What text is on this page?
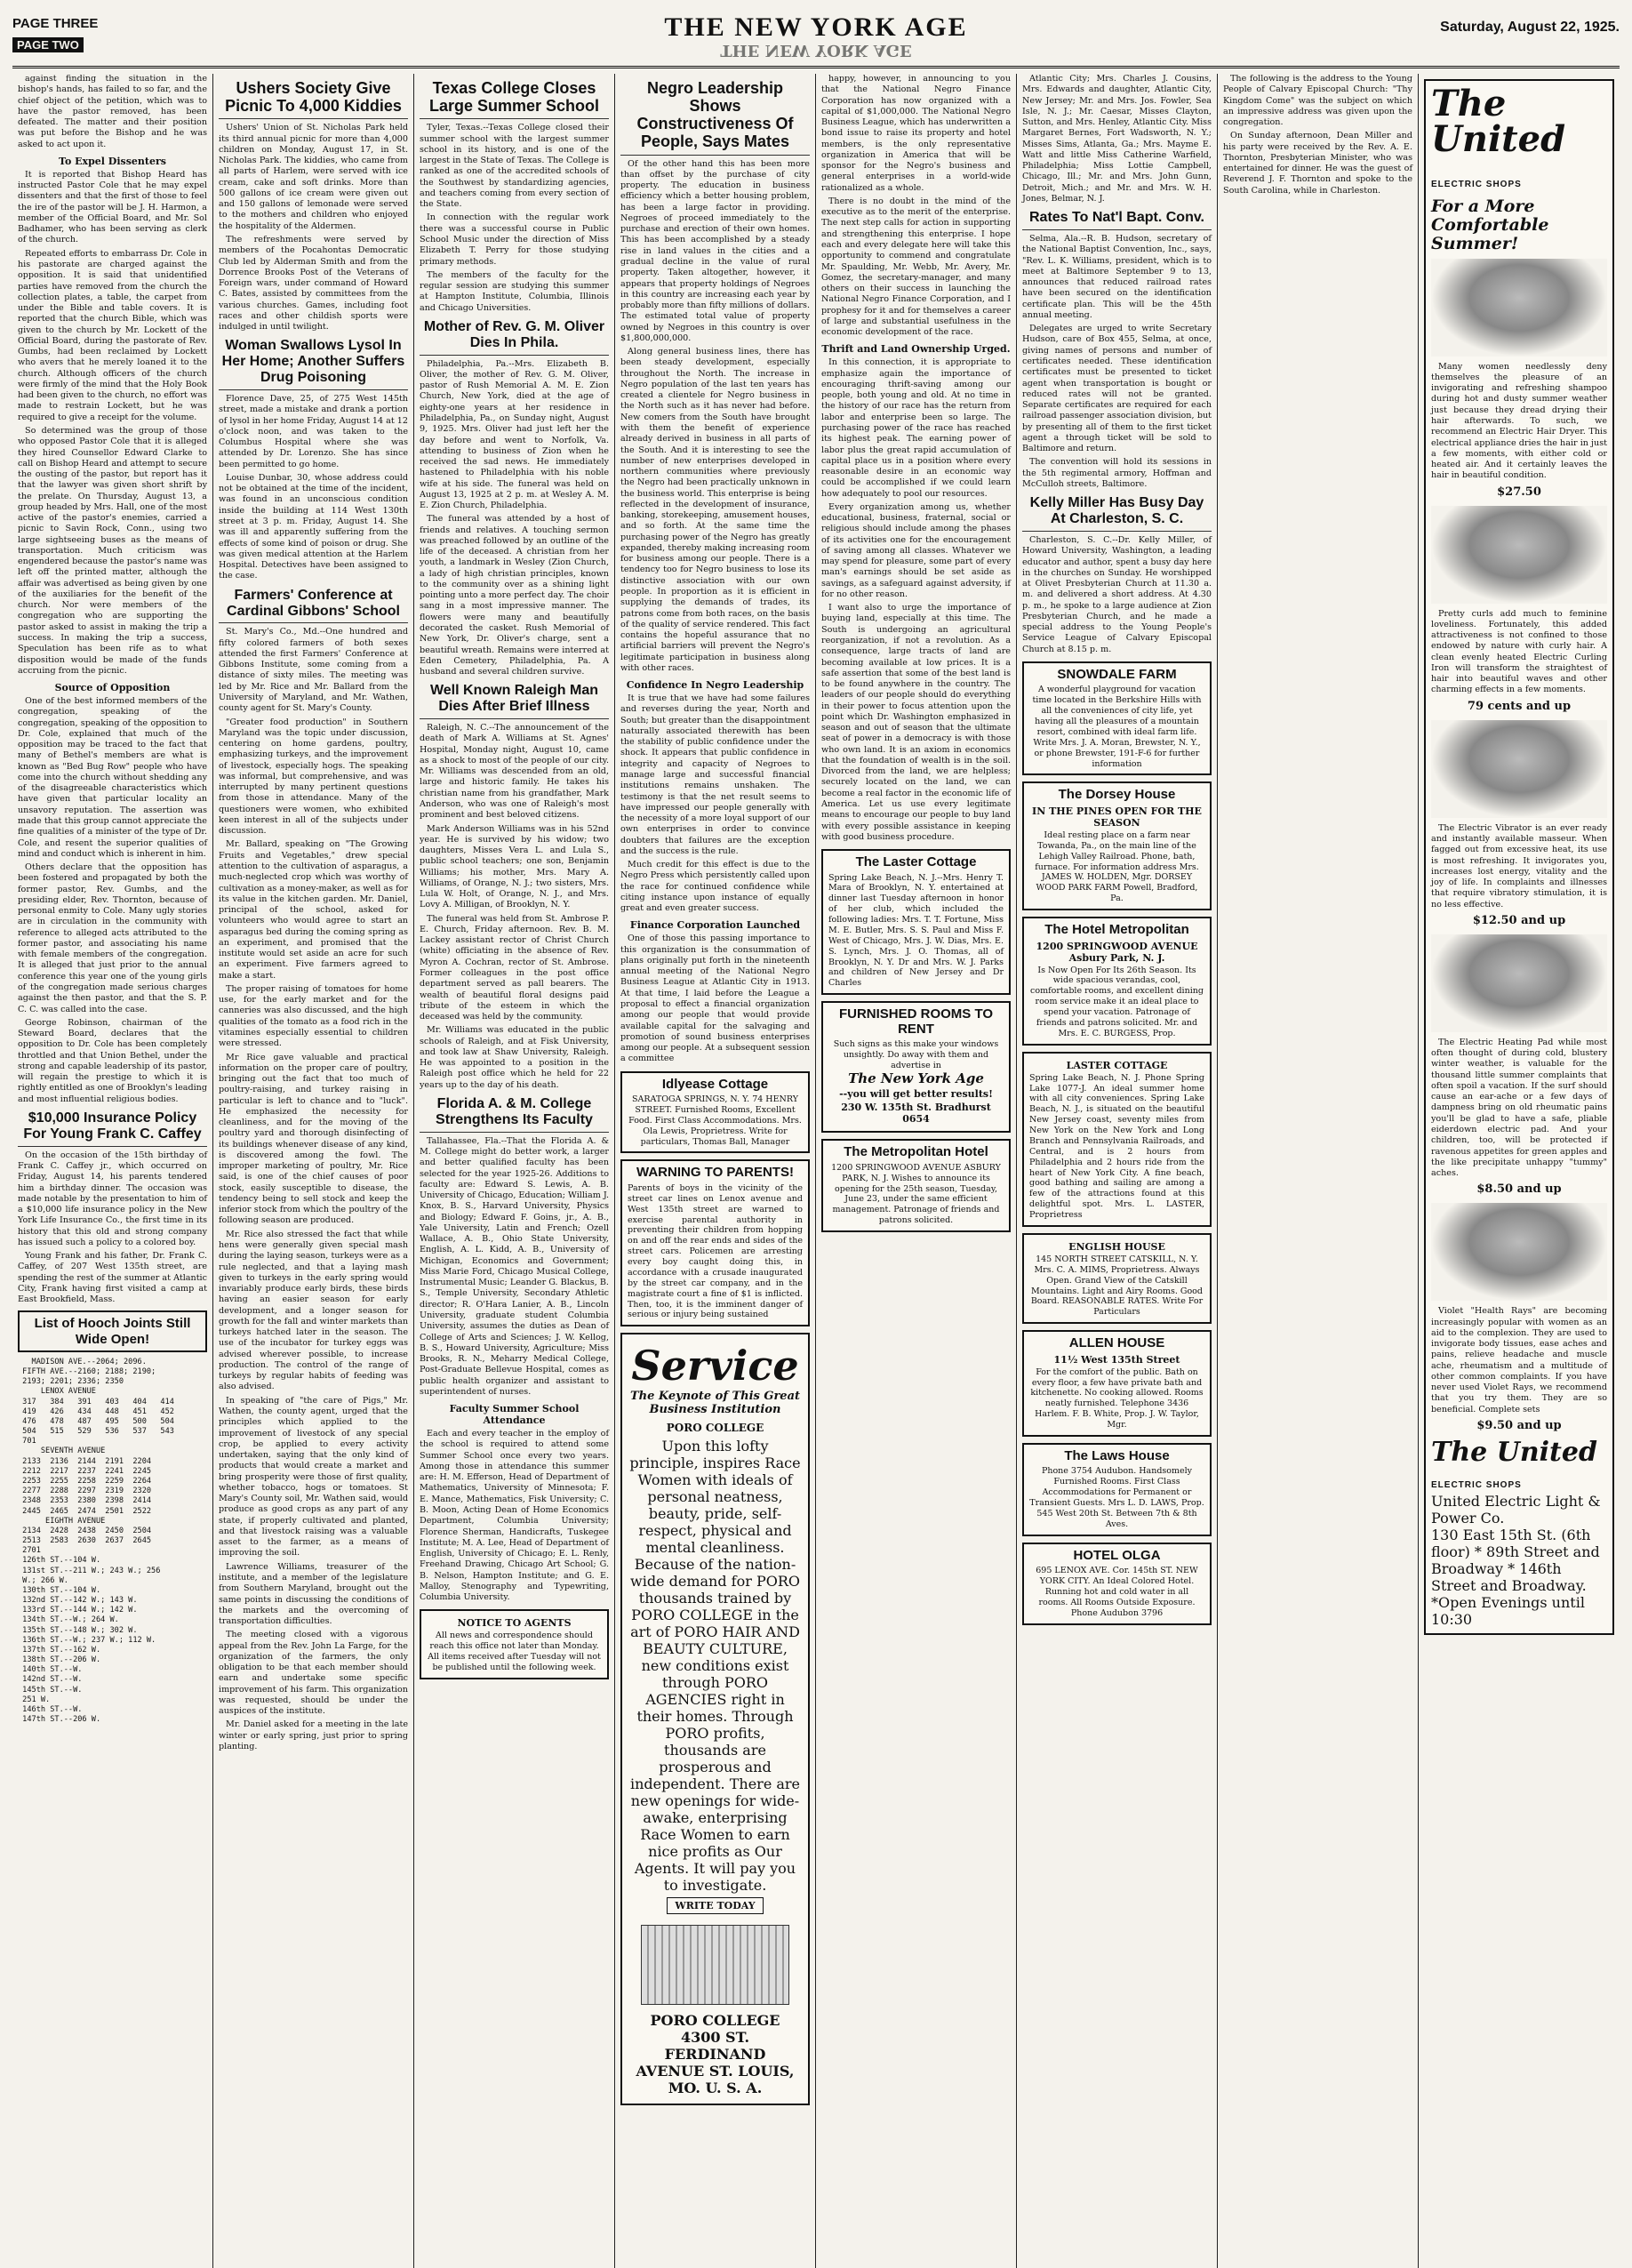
PAGE THREE
PAGE TWO
THE NEW YORK AGE
THE NEW YORK AGE
Saturday, August 22, 1925.

against finding the situation in the bishop's hands, has failed to so far, and the chief object of the petition, which was to have the pastor removed, has been defeated. The matter and their position was put before the Bishop and he was asked to act upon it.

To Expel Dissenters

It is reported that Bishop Heard has instructed Pastor Cole that he may expel dissenters and that the first of those to feel the ire of the pastor will be J. H. Harmon, a member of the Official Board, and Mr. Sol Badhamer, who has been serving as clerk of the church.

Repeated efforts to embarrass Dr. Cole in his pastorate are charged against the opposition. It is said that unidentified parties have removed from the church the collection plates, a table, the carpet from under the Bible and table covers. It is reported that the church Bible, which was given to the church by Mr. Lockett of the Official Board, during the pastorate of Rev. Gumbs, had been reclaimed by Lockett who avers that he merely loaned it to the church. Although officers of the church were firmly of the mind that the Holy Book had been given to the church, no effort was made to restrain Lockett, but he was required to give a receipt for the volume.

So determined was the group of those who opposed Pastor Cole that it is alleged they hired Counsellor Edward Clarke to call on Bishop Heard and attempt to secure the ousting of the pastor, but report has it that the lawyer was given short shrift by the prelate. On Thursday, August 13, a group headed by Mrs. Hall, one of the most active of the pastor's enemies, carried a picnic to Savin Rock, Conn., using two large sightseeing buses as the means of transportation. Much criticism was engendered because the pastor's name was left off the printed matter, although the affair was advertised as being given by one of the auxiliaries for the benefit of the church. Nor were members of the congregation who are supporting the pastor asked to assist in making the trip a success. In making the trip a success, Speculation has been rife as to what disposition would be made of the funds accruing from the picnic.

Source of Opposition

One of the best informed members of the congregation, speaking of the congregation, speaking of the opposition to Dr. Cole, explained that much of the opposition may be traced to the fact that many of Bethel's members are what is known as "Bed Bug Row" people who have come into the church without shedding any of the disagreeable characteristics which have given that particular locality an unsavory reputation. The assertion was made that this group cannot appreciate the fine qualities of a minister of the type of Dr. Cole, and resent the superior qualities of mind and conduct which is inherent in him.

Others declare that the opposition has been fostered and propagated by both the former pastor, Rev. Gumbs, and the presiding elder, Rev. Thornton, because of personal enmity to Cole. Many ugly stories are in circulation in the community with reference to alleged acts attributed to the former pastor, and associating his name with female members of the congregation. It is alleged that just prior to the annual conference this year one of the young girls of the congregation made serious charges against the then pastor, and that the S. P. C. C. was called into the case.

George Robinson, chairman of the Steward Board, declares that the opposition to Dr. Cole has been completely throttled and that Union Bethel, under the strong and capable leadership of its pastor, will regain the prestige to which it is rightly entitled as one of Brooklyn's leading and most influential religious bodies.

$10,000 Insurance Policy For Young Frank C. Caffey

On the occasion of the 15th birthday of Frank C. Caffey jr., which occurred on Friday, August 14, his parents tendered him a birthday dinner. The occasion was made notable by the presentation to him of a $10,000 life insurance policy in the New York Life Insurance Co., the first time in its history that this old and strong company has issued such a policy to a colored boy.

Young Frank and his father, Dr. Frank C. Caffey, of 207 West 135th street, are spending the rest of the summer at Atlantic City, Frank having first visited a camp at East Brookfield, Mass.

List of Hooch Joints Still Wide Open!
MADISON AVE.--2064; 2096.
FIFTH AVE.--2160; 2188; 2190;
2193; 2201; 2336; 2350
LENOX AVENUE
317   384   391   403   404   414
419   426   434   448   451   452
476   478   487   495   500   504
504   515   529   536   537   543
701
SEVENTH AVENUE
2133  2136  2144  2191  2204
2212  2217  2237  2241  2245
2253  2255  2258  2259  2264
2277  2288  2297  2319  2320
2348  2353  2380  2398  2414
2445  2465  2474  2501  2522
EIGHTH AVENUE
2134  2428  2438  2450  2504
2513  2583  2630  2637  2645
2701
126th ST.--104 W.
131st ST.--211 W.; 243 W.; 256
W.; 266 W.
130th ST.--104 W.
132nd ST.--142 W.; 143 W.
133rd ST.--144 W.; 142 W.
134th ST.--W.; 264 W.
135th ST.--148 W.; 302 W.
136th ST.--W.; 237 W.; 112 W.
137th ST.--162 W.
138th ST.--206 W.
140th ST.--W.
142nd ST.--W.
145th ST.--W.
251 W.
146th ST.--W.
147th ST.--206 W.
Ushers Society Give Picnic To 4,000 Kiddies

Ushers' Union of St. Nicholas Park held its third annual picnic for more than 4,000 children on Monday, August 17, in St. Nicholas Park. The kiddies, who came from all parts of Harlem, were served with ice cream, cake and soft drinks. More than 500 gallons of ice cream were given out and 150 gallons of lemonade were served to the mothers and children who enjoyed the hospitality of the Aldermen.

The refreshments were served by members of the Pocahontas Democratic Club led by Alderman Smith and from the Dorrence Brooks Post of the Veterans of Foreign wars, under command of Howard C. Bates, assisted by committees from the various churches. Games, including foot races and other childish sports were indulged in until twilight.

Woman Swallows Lysol In Her Home; Another Suffers Drug Poisoning

Florence Dave, 25, of 275 West 145th street, made a mistake and drank a portion of lysol in her home Friday, August 14 at 12 o'clock noon, and was taken to the Columbus Hospital where she was attended by Dr. Lorenzo. She has since been permitted to go home.

Louise Dunbar, 30, whose address could not be obtained at the time of the incident, was found in an unconscious condition inside the building at 114 West 130th street at 3 p. m. Friday, August 14. She was ill and apparently suffering from the effects of some kind of poison or drug. She was given medical attention at the Harlem Hospital. Detectives have been assigned to the case.

Farmers' Conference at Cardinal Gibbons' School

St. Mary's Co., Md.--One hundred and fifty colored farmers of both sexes attended the first Farmers' Conference at Gibbons Institute, some coming from a distance of sixty miles. The meeting was led by Mr. Rice and Mr. Ballard from the University of Maryland, and Mr. Wathen, county agent for St. Mary's County.

"Greater food production" in Southern Maryland was the topic under discussion, centering on home gardens, poultry, emphasizing turkeys, and the improvement of livestock, especially hogs. The speaking was informal, but comprehensive, and was interrupted by many pertinent questions from those in attendance. Many of the questioners were women, who exhibited keen interest in all of the subjects under discussion.

Mr. Ballard, speaking on "The Growing Fruits and Vegetables," drew special attention to the cultivation of asparagus, a much-neglected crop which was worthy of cultivation as a money-maker, as well as for its value in the kitchen garden. Mr. Daniel, principal of the school, asked for volunteers who would agree to start an asparagus bed during the coming spring as an experiment, and promised that the institute would set aside an acre for such an experiment. Five farmers agreed to make a start.

The proper raising of tomatoes for home use, for the early market and for the canneries was also discussed, and the high qualities of the tomato as a food rich in the vitamines especially essential to children were stressed.

Mr Rice gave valuable and practical information on the proper care of poultry, bringing out the fact that too much of poultry-raising, and turkey raising in particular is left to chance and to "luck". He emphasized the necessity for cleanliness, and for the moving of the poultry yard and thorough disinfecting of its buildings whenever disease of any kind, is discovered among the fowl. The improper marketing of poultry, Mr. Rice said, is one of the chief causes of poor stock, easily susceptible to disease, the tendency being to sell stock and keep the inferior stock from which the poultry of the following season are produced.

Mr. Rice also stressed the fact that while hens were generally given special mash during the laying season, turkeys were as a rule neglected, and that a laying mash given to turkeys in the early spring would invariably produce early birds, these birds having an easier season for early development, and a longer season for growth for the fall and winter markets than turkeys hatched later in the season. The use of the incubator for turkey eggs was advised wherever possible, to increase production. The control of the range of turkeys by regular habits of feeding was also advised.

In speaking of "the care of Pigs," Mr. Wathen, the county agent, urged that the principles which applied to the improvement of livestock of any special crop, be applied to every activity undertaken, saying that the only kind of products that would create a market and bring prosperity were those of first quality, whether tobacco, hogs or tomatoes. St Mary's County soil, Mr. Wathen said, would produce as good crops as any part of any state, if properly cultivated and planted, and that livestock raising was a valuable asset to the farmer, as a means of improving the soil.

Lawrence Williams, treasurer of the institute, and a member of the legislature from Southern Maryland, brought out the same points in discussing the conditions of the markets and the overcoming of transportation difficulties.

The meeting closed with a vigorous appeal from the Rev. John La Farge, for the organization of the farmers, the only obligation to be that each member should earn and undertake some specific improvement of his farm. This organization was requested, should be under the auspices of the institute.

Mr. Daniel asked for a meeting in the late winter or early spring, just prior to spring planting.

Texas College Closes Large Summer School

Tyler, Texas.--Texas College closed their summer school with the largest summer school in its history, and is one of the largest in the State of Texas. The College is ranked as one of the accredited schools of the Southwest by standardizing agencies, and teachers coming from every section of the State.

In connection with the regular work there was a successful course in Public School Music under the direction of Miss Elizabeth T. Perry for those studying primary methods.

The members of the faculty for the regular session are studying this summer at Hampton Institute, Columbia, Illinois and Chicago Universities.

Mother of Rev. G. M. Oliver Dies In Phila.

Philadelphia, Pa.--Mrs. Elizabeth B. Oliver, the mother of Rev. G. M. Oliver, pastor of Rush Memorial A. M. E. Zion Church, New York, died at the age of eighty-one years at her residence in Philadelphia, Pa., on Sunday night, August 9, 1925. Mrs. Oliver had just left her the day before and went to Norfolk, Va. attending to business of Zion when he received the sad news. He immediately hastened to Philadelphia with his noble wife at his side. The funeral was held on August 13, 1925 at 2 p. m. at Wesley A. M. E. Zion Church, Philadelphia.

The funeral was attended by a host of friends and relatives. A touching sermon was preached followed by an outline of the life of the deceased. A christian from her youth, a landmark in Wesley (Zion Church, a lady of high christian principles, known to the community over as a shining light pointing unto a more perfect day. The choir sang in a most impressive manner. The flowers were many and beautifully decorated the casket. Rush Memorial of New York, Dr. Oliver's charge, sent a beautiful wreath. Remains were interred at Eden Cemetery, Philadelphia, Pa. A husband and several children survive.

Well Known Raleigh Man Dies After Brief Illness

Raleigh, N. C.--The announcement of the death of Mark A. Williams at St. Agnes' Hospital, Monday night, August 10, came as a shock to most of the people of our city. Mr. Williams was descended from an old, large and historic family. He takes his christian name from his grandfather, Mark Anderson, who was one of Raleigh's most prominent and best beloved citizens.

Mark Anderson Williams was in his 52nd year. He is survived by his widow; two daughters, Misses Vera L. and Lula S., public school teachers; one son, Benjamin Williams; his mother, Mrs. Mary A. Williams, of Orange, N. J.; two sisters, Mrs. Lula W. Holt, of Orange, N. J., and Mrs. Lovy A. Milligan, of Brooklyn, N. Y.

The funeral was held from St. Ambrose P. E. Church, Friday afternoon. Rev. B. M. Lackey assistant rector of Christ Church (white) officiating in the absence of Rev. Myron A. Cochran, rector of St. Ambrose. Former colleagues in the post office department served as pall bearers. The wealth of beautiful floral designs paid tribute of the esteem in which the deceased was held by the community.

Mr. Williams was educated in the public schools of Raleigh, and at Fisk University, and took law at Shaw University, Raleigh. He was appointed to a position in the Raleigh post office which he held for 22 years up to the day of his death.

Florida A. & M. College Strengthens Its Faculty

Tallahassee, Fla.--That the Florida A. & M. College might do better work, a larger and better qualified faculty has been selected for the year 1925-26. Additions to faculty are: Edward S. Lewis, A. B. University of Chicago, Education; William J. Knox, B. S., Harvard University, Physics and Biology; Edward F. Goins, jr., A. B., Yale University, Latin and French; Ozell Wallace, A. B., Ohio State University, English, A. L. Kidd, A. B., University of Michigan, Economics and Government; Miss Marie Ford, Chicago Musical College, Instrumental Music; Leander G. Blackus, B. S., Temple University, Secondary Athletic director; R. O'Hara Lanier, A. B., Lincoln University, graduate student Columbia University, assumes the duties as Dean of College of Arts and Sciences; J. W. Kellog, B. S., Howard University, Agriculture; Miss Brooks, R. N., Meharry Medical College, Post-Graduate Bellevue Hospital, comes as public health organizer and assistant to superintendent of nurses.

Faculty Summer School Attendance

Each and every teacher in the employ of the school is required to attend some Summer School once every two years. Among those in attendance this summer are: H. M. Efferson, Head of Department of Mathematics, University of Minnesota; F. E. Mance, Mathematics, Fisk University; C. B. Moon, Acting Dean of Home Economics Department, Columbia University; Florence Sherman, Handicrafts, Tuskegee Institute; M. A. Lee, Head of Department of English, University of Chicago; E. L. Renly, Freehand Drawing, Chicago Art School; G. B. Nelson, Hampton Institute; and G. E. Malloy, Stenography and Typewriting, Columbia University.

NOTICE TO AGENTS
All news and correspondence should reach this office not later than Monday. All items received after Tuesday will not be published until the following week.
Negro Leadership Shows Constructiveness Of People, Says Mates

Of the other hand this has been more than offset by the purchase of city property. The education in business efficiency which a better housing problem, has been a large factor in providing. Negroes of proceed immediately to the purchase and erection of their own homes. This has been accomplished by a steady rise in land values in the cities and a gradual decline in the value of rural property. Taken altogether, however, it appears that property holdings of Negroes in this country are increasing each year by probably more than fifty millions of dollars. The estimated total value of property owned by Negroes in this country is over $1,800,000,000.

Along general business lines, there has been steady development, especially throughout the North. The increase in Negro population of the last ten years has created a clientele for Negro business in the North such as it has never had before. New comers from the South have brought with them the benefit of experience already derived in business in all parts of the South. And it is interesting to see the number of new enterprises developed in northern communities where previously the Negro had been practically unknown in the business world. This enterprise is being reflected in the development of insurance, banking, storekeeping, amusement houses, and so forth. At the same time the purchasing power of the Negro has greatly expanded, thereby making increasing room for business among our people. There is a tendency too for Negro business to lose its distinctive association with our own people. In proportion as it is efficient in supplying the demands of trades, its patrons come from both races, on the basis of the quality of service rendered. This fact contains the hopeful assurance that no artificial barriers will prevent the Negro's legitimate participation in business along with other races.

Confidence In Negro Leadership

It is true that we have had some failures and reverses during the year, North and South; but greater than the disappointment naturally associated therewith has been the stability of public confidence under the shock. It appears that public confidence in integrity and capacity of Negroes to manage large and successful financial institutions remains unshaken. The testimony is that the net result seems to have impressed our people generally with the necessity of a more loyal support of our own enterprises in order to convince doubters that failures are the exception and the success is the rule.

Much credit for this effect is due to the Negro Press which persistently called upon the race for continued confidence while citing instance upon instance of equally great and even greater success.

Finance Corporation Launched

One of those this passing importance to this organization is the consummation of plans originally put forth in the nineteenth annual meeting of the National Negro Business League at Atlantic City in 1913. At that time, I laid before the League a proposal to effect a financial organization among our people that would provide available capital for the salvaging and promotion of sound business enterprises among our people. At a subsequent session a committee

Idlyease Cottage
SARATOGA SPRINGS, N. Y. 74 HENRY STREET. Furnished Rooms, Excellent Food. First Class Accommodations. Mrs. Ola Lewis, Proprietress. Write for particulars, Thomas Ball, Manager
WARNING TO PARENTS!
Parents of boys in the vicinity of the street car lines on Lenox avenue and West 135th street are warned to exercise parental authority in preventing their children from hopping on and off the rear ends and sides of the street cars. Policemen are arresting every boy caught doing this, in accordance with a crusade inaugurated by the street car company, and in the magistrate court a fine of $1 is inflicted. Then, too, it is the imminent danger of serious or injury being sustained
Service
The Keynote of This Great Business Institution
PORO COLLEGE
Upon this lofty principle, inspires Race Women with ideals of personal neatness, beauty, pride, self-respect, physical and mental cleanliness. Because of the nation-wide demand for PORO thousands trained by PORO COLLEGE in the art of PORO HAIR AND BEAUTY CULTURE, new conditions exist through PORO AGENCIES right in their homes. Through PORO profits, thousands are prosperous and independent. There are new openings for wide-awake, enterprising Race Women to earn nice profits as Our Agents. It will pay you to investigate.
WRITE TODAY
PORO COLLEGE 4300 ST. FERDINAND AVENUE ST. LOUIS, MO. U. S. A.

happy, however, in announcing to you that the National Negro Finance Corporation has now organized with a capital of $1,000,000. The National Negro Business League, which has underwritten a bond issue to raise its property and hotel members, is the only representative organization in America that will be sponsor for the Negro's business and general enterprises in a world-wide rationalized as a whole.

There is no doubt in the mind of the executive as to the merit of the enterprise. The next step calls for action in supporting and strengthening this enterprise. I hope each and every delegate here will take this opportunity to commend and congratulate Mr. Spaulding, Mr. Webb, Mr. Avery, Mr. Gomez, the secretary-manager, and many others on their success in launching the National Negro Finance Corporation, and I prophesy for it and for themselves a career of large and substantial usefulness in the economic development of the race.

Thrift and Land Ownership Urged.

In this connection, it is appropriate to emphasize again the importance of encouraging thrift-saving among our people, both young and old. At no time in the history of our race has the return from labor and enterprise been so large. The purchasing power of the race has reached its highest peak. The earning power of labor plus the great rapid accumulation of capital place us in a position where every reasonable desire in an economic way could be accomplished if we could learn how adequately to pool our resources.

Every organization among us, whether educational, business, fraternal, social or religious should include among the phases of its activities one for the encouragement of saving among all classes. Whatever we may spend for pleasure, some part of every man's earnings should be set aside as savings, as a safeguard against adversity, if for no other reason.

I want also to urge the importance of buying land, especially at this time. The South is undergoing an agricultural reorganization, if not a revolution. As a consequence, large tracts of land are becoming available at low prices. It is a safe assertion that some of the best land is to be found anywhere in the country. The leaders of our people should do everything in their power to focus attention upon the point which Dr. Washington emphasized in season and out of season that the ultimate seat of power in a democracy is with those who own land. It is an axiom in economics that the foundation of wealth is in the soil. Divorced from the land, we are helpless; securely located on the land, we can become a real factor in the economic life of America. Let us use every legitimate means to encourage our people to buy land with every possible assistance in keeping with good business procedure.

The Laster Cottage
Spring Lake Beach, N. J.--Mrs. Henry T. Mara of Brooklyn, N. Y. entertained at dinner last Tuesday afternoon in honor of her club, which included the following ladies: Mrs. T. T. Fortune, Miss M. E. Butler, Mrs. S. S. Paul and Miss F. West of Chicago, Mrs. J. W. Dias, Mrs. E. S. Lynch, Mrs. J. O. Thomas, all of Brooklyn, N. Y. Dr and Mrs. W. J. Parks and children of New Jersey and Dr Charles
FURNISHED ROOMS TO RENT
Such signs as this make your windows unsightly. Do away with them and advertise in
The New York Age
--you will get better results!
230 W. 135th St. Bradhurst 0654
The Metropolitan Hotel
1200 SPRINGWOOD AVENUE ASBURY PARK, N. J. Wishes to announce its opening for the 25th season, Tuesday, June 23, under the same efficient management. Patronage of friends and patrons solicited.

Atlantic City; Mrs. Charles J. Cousins, Mrs. Edwards and daughter, Atlantic City, New Jersey; Mr. and Mrs. Jos. Fowler, Sea Isle, N. J.; Mr. Caesar, Misses Clayton, Sutton, and Mrs. Henley, Atlantic City. Miss Margaret Bernes, Fort Wadsworth, N. Y.; Misses Sims, Atlanta, Ga.; Mrs. Mayme E. Watt and little Miss Catherine Warfield, Philadelphia; Miss Lottie Campbell, Chicago, Ill.; Mr. and Mrs. John Gunn, Detroit, Mich.; and Mr. and Mrs. W. H. Jones, Belmar, N. J.

Rates To Nat'l Bapt. Conv.

Selma, Ala.--R. B. Hudson, secretary of the National Baptist Convention, Inc., says, "Rev. L. K. Williams, president, which is to meet at Baltimore September 9 to 13, announces that reduced railroad rates have been secured on the identification certificate plan. This will be the 45th annual meeting.

Delegates are urged to write Secretary Hudson, care of Box 455, Selma, at once, giving names of persons and number of certificates needed. These identification certificates must be presented to ticket agent when transportation is bought or reduced rates will not be granted. Separate certificates are required for each railroad passenger association division, but by presenting all of them to the first ticket agent a through ticket will be sold to Baltimore and return.

The convention will hold its sessions in the 5th regimental armory, Hoffman and McCulloh streets, Baltimore.

Kelly Miller Has Busy Day At Charleston, S. C.

Charleston, S. C.--Dr. Kelly Miller, of Howard University, Washington, a leading educator and author, spent a busy day here in the churches on Sunday. He worshipped at Olivet Presbyterian Church at 11.30 a. m. and delivered a short address. At 4.30 p. m., he spoke to a large audience at Zion Presbyterian Church, and he made a special address to the Young People's Service League of Calvary Episcopal Church at 8.15 p. m.

SNOWDALE FARM
A wonderful playground for vacation time located in the Berkshire Hills with all the conveniences of city life, yet having all the pleasures of a mountain resort, combined with ideal farm life. Write Mrs. J. A. Moran, Brewster, N. Y., or phone Brewster, 191-F-6 for further information
The Dorsey House
IN THE PINES OPEN FOR THE SEASON
Ideal resting place on a farm near Towanda, Pa., on the main line of the Lehigh Valley Railroad. Phone, bath, furnace. For information address Mrs. JAMES W. HOLDEN, Mgr. DORSEY WOOD PARK FARM Powell, Bradford, Pa.
The Hotel Metropolitan
1200 SPRINGWOOD AVENUE Asbury Park, N. J.
Is Now Open For Its 26th Season. Its wide spacious verandas, cool, comfortable rooms, and excellent dining room service make it an ideal place to spend your vacation. Patronage of friends and patrons solicited. Mr. and Mrs. E. C. BURGESS, Prop.
LASTER COTTAGE
Spring Lake Beach, N. J. Phone Spring Lake 1077-J. An ideal summer home with all city conveniences. Spring Lake Beach, N. J., is situated on the beautiful New Jersey coast, seventy miles from New York on the New York and Long Branch and Pennsylvania Railroads, and Central, and is 2 hours from Philadelphia and 2 hours ride from the heart of New York City. A fine beach, good bathing and sailing are among a few of the attractions found at this delightful spot. Mrs. L. LASTER, Proprietress
ENGLISH HOUSE
145 NORTH STREET CATSKILL, N. Y. Mrs. C. A. MIMS, Proprietress. Always Open. Grand View of the Catskill Mountains. Light and Airy Rooms. Good Board. REASONABLE RATES. Write For Particulars
ALLEN HOUSE
11½ West 135th Street
For the comfort of the public. Bath on every floor, a few have private bath and kitchenette. No cooking allowed. Rooms neatly furnished. Telephone 3436 Harlem. F. B. White, Prop. J. W. Taylor, Mgr.
The Laws House
Phone 3754 Audubon. Handsomely Furnished Rooms. First Class Accommodations for Permanent or Transient Guests. Mrs L. D. LAWS, Prop. 545 West 20th St. Between 7th & 8th Aves.
HOTEL OLGA
695 LENOX AVE. Cor. 145th ST. NEW YORK CITY. An Ideal Colored Hotel. Running hot and cold water in all rooms. All Rooms Outside Exposure. Phone Audubon 3796

The following is the address to the Young People of Calvary Episcopal Church: "Thy Kingdom Come" was the subject on which an impressive address was given upon the congregation.

On Sunday afternoon, Dean Miller and his party were received by the Rev. A. E. Thornton, Presbyterian Minister, who was entertained for dinner. He was the guest of Reverend J. F. Thornton and spoke to the South Carolina, while in Charleston.

The United
ELECTRIC SHOPS
For a More Comfortable Summer!

Many women needlessly deny themselves the pleasure of an invigorating and refreshing shampoo during hot and dusty summer weather just because they dread drying their hair afterwards. To such, we recommend an Electric Hair Dryer. This electrical appliance dries the hair in just a few moments, with either cold or heated air. And it certainly leaves the hair in beautiful condition.

$27.50

Pretty curls add much to feminine loveliness. Fortunately, this added attractiveness is not confined to those endowed by nature with curly hair. A clean evenly heated Electric Curling Iron will transform the straightest of hair into beautiful waves and other charming effects in a few moments.

79 cents and up

The Electric Vibrator is an ever ready and instantly available masseur. When fagged out from excessive heat, its use is most refreshing. It invigorates you, increases lost energy, vitality and the joy of life. In complaints and illnesses that require vibratory stimulation, it is no less effective.

$12.50 and up

The Electric Heating Pad while most often thought of during cold, blustery winter weather, is valuable for the thousand little summer complaints that often spoil a vacation. If the surf should cause an ear-ache or a few days of dampness bring on old rheumatic pains you'll be glad to have a safe, pliable eiderdown electric pad. And your children, too, will be protected if ravenous appetites for green apples and the like precipitate unhappy "tummy" aches.

$8.50 and up

Violet "Health Rays" are becoming increasingly popular with women as an aid to the complexion. They are used to invigorate body tissues, ease aches and pains, relieve headache and muscle ache, rheumatism and a multitude of other common complaints. If you have never used Violet Rays, we recommend that you try them. They are so beneficial. Complete sets

$9.50 and up
The United
ELECTRIC SHOPS
United Electric Light & Power Co.
130 East 15th St. (6th floor) * 89th Street and Broadway * 146th Street and Broadway. *Open Evenings until 10:30
